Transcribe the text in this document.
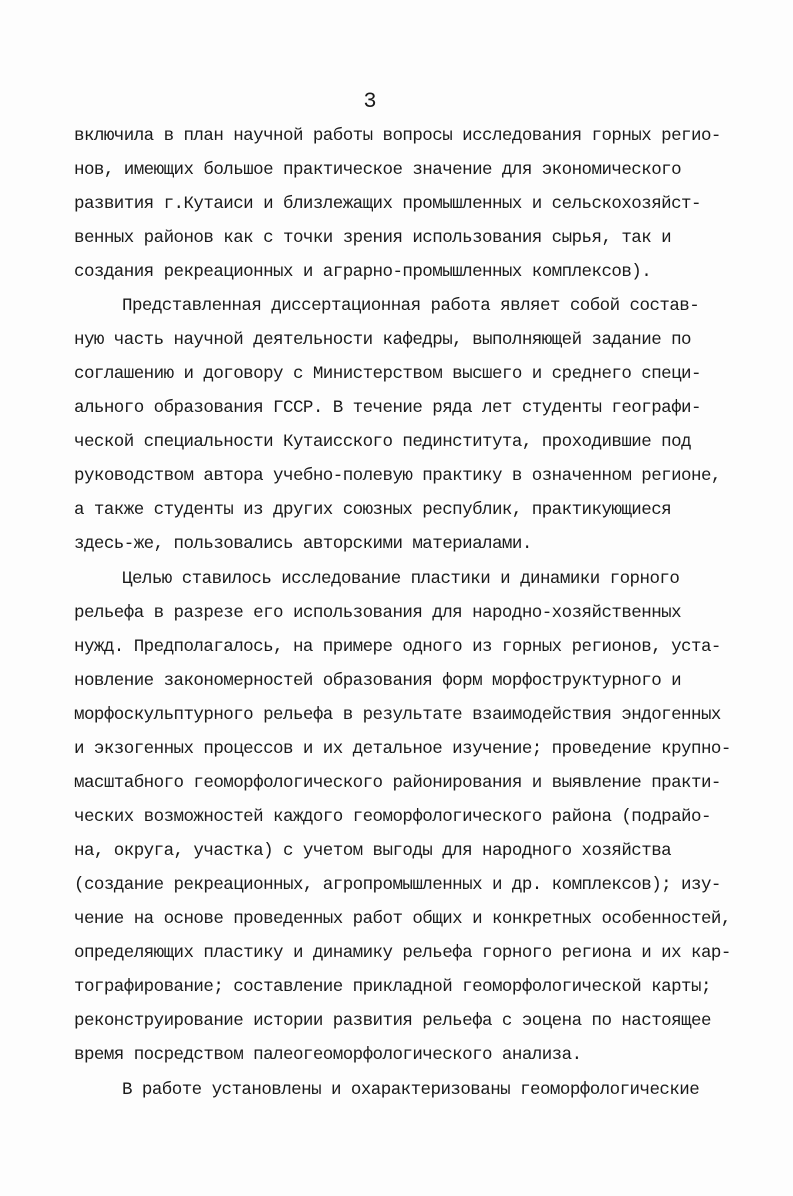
3
включила в план научной работы вопросы исследования горных регио-
нов, имеющих большое практическое значение для экономического
развития г.Кутаиси и близлежащих промышленных и сельскохозяйст-
венных районов как с точки зрения использования сырья, так и
создания рекреационных и аграрно-промышленных комплексов).
Представленная диссертационная работа являет собой состав-
ную часть научной деятельности кафедры, выполняющей задание по
соглашению и договору с Министерством высшего и среднего специ-
ального образования ГССР. В течение ряда лет студенты географи-
ческой специальности Кутаисского пединститута, проходившие под
руководством автора учебно-полевую практику в означенном регионе,
а также студенты из других союзных республик, практикующиеся
здесь-же, пользовались авторскими материалами.
Целью ставилось исследование пластики и динамики горного
рельефа в разрезе его использования для народно-хозяйственных
нужд. Предполагалось, на примере одного из горных регионов, уста-
новление закономерностей образования форм морфоструктурного и
морфоскульптурного рельефа в результате взаимодействия эндогенных
и экзогенных процессов и их детальное изучение; проведение крупно-
масштабного геоморфологического районирования и выявление практи-
ческих возможностей каждого геоморфологического района (подрайо-
на, округа, участка) с учетом выгоды для народного хозяйства
(создание рекреационных, агропромышленных и др. комплексов); изу-
чение на основе проведенных работ общих и конкретных особенностей,
определяющих пластику и динамику рельефа горного региона и их кар-
тографирование; составление прикладной геоморфологической карты;
реконструирование истории развития рельефа с эоцена по настоящее
время посредством палеогеоморфологического анализа.
В работе установлены и охарактеризованы геоморфологические
